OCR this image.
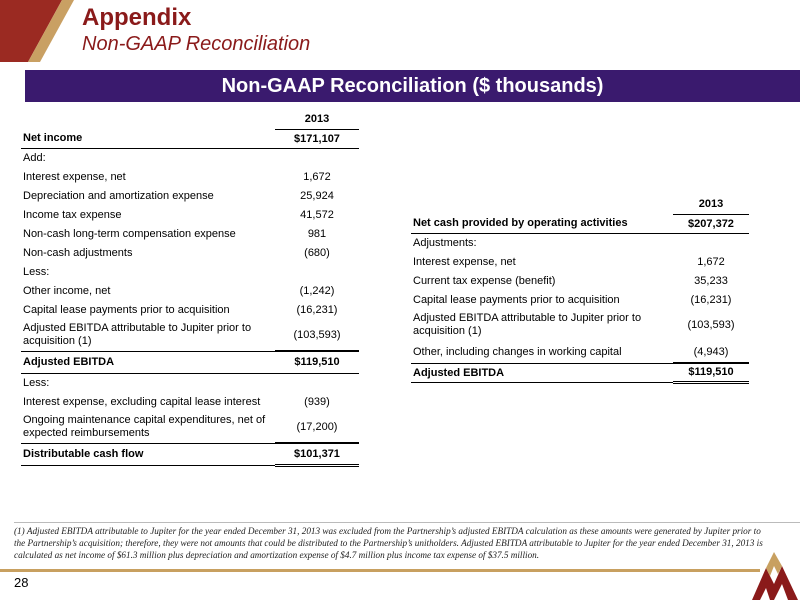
Appendix
Non-GAAP Reconciliation
Non-GAAP Reconciliation ($ thousands)
	2013
Net income	$171,107
Add:	
Interest expense, net	1,672
Depreciation and amortization expense	25,924
Income tax expense	41,572
Non-cash long-term compensation expense	981
Non-cash adjustments	(680)
Less:	
Other income, net	(1,242)
Capital lease payments prior to acquisition	(16,231)
Adjusted EBITDA attributable to Jupiter prior to acquisition (1)	(103,593)
Adjusted EBITDA	$119,510
Less:	
Interest expense, excluding capital lease interest	(939)
Ongoing maintenance capital expenditures, net of expected reimbursements	(17,200)
Distributable cash flow	$101,371
	2013
Net cash provided by operating activities	$207,372
Adjustments:	
Interest expense, net	1,672
Current tax expense (benefit)	35,233
Capital lease payments prior to acquisition	(16,231)
Adjusted EBITDA attributable to Jupiter prior to acquisition (1)	(103,593)
Other, including changes in working capital	(4,943)
Adjusted EBITDA	$119,510
(1) Adjusted EBITDA attributable to Jupiter for the year ended December 31, 2013 was excluded from the Partnership’s adjusted EBITDA calculation as these amounts were generated by Jupiter prior to the Partnership’s acquisition; therefore, they were not amounts that could be distributed to the Partnership’s unitholders. Adjusted EBITDA attributable to Jupiter for the year ended December 31, 2013 is calculated as net income of $61.3 million plus depreciation and amortization expense of $4.7 million plus income tax expense of $37.5 million.
28
